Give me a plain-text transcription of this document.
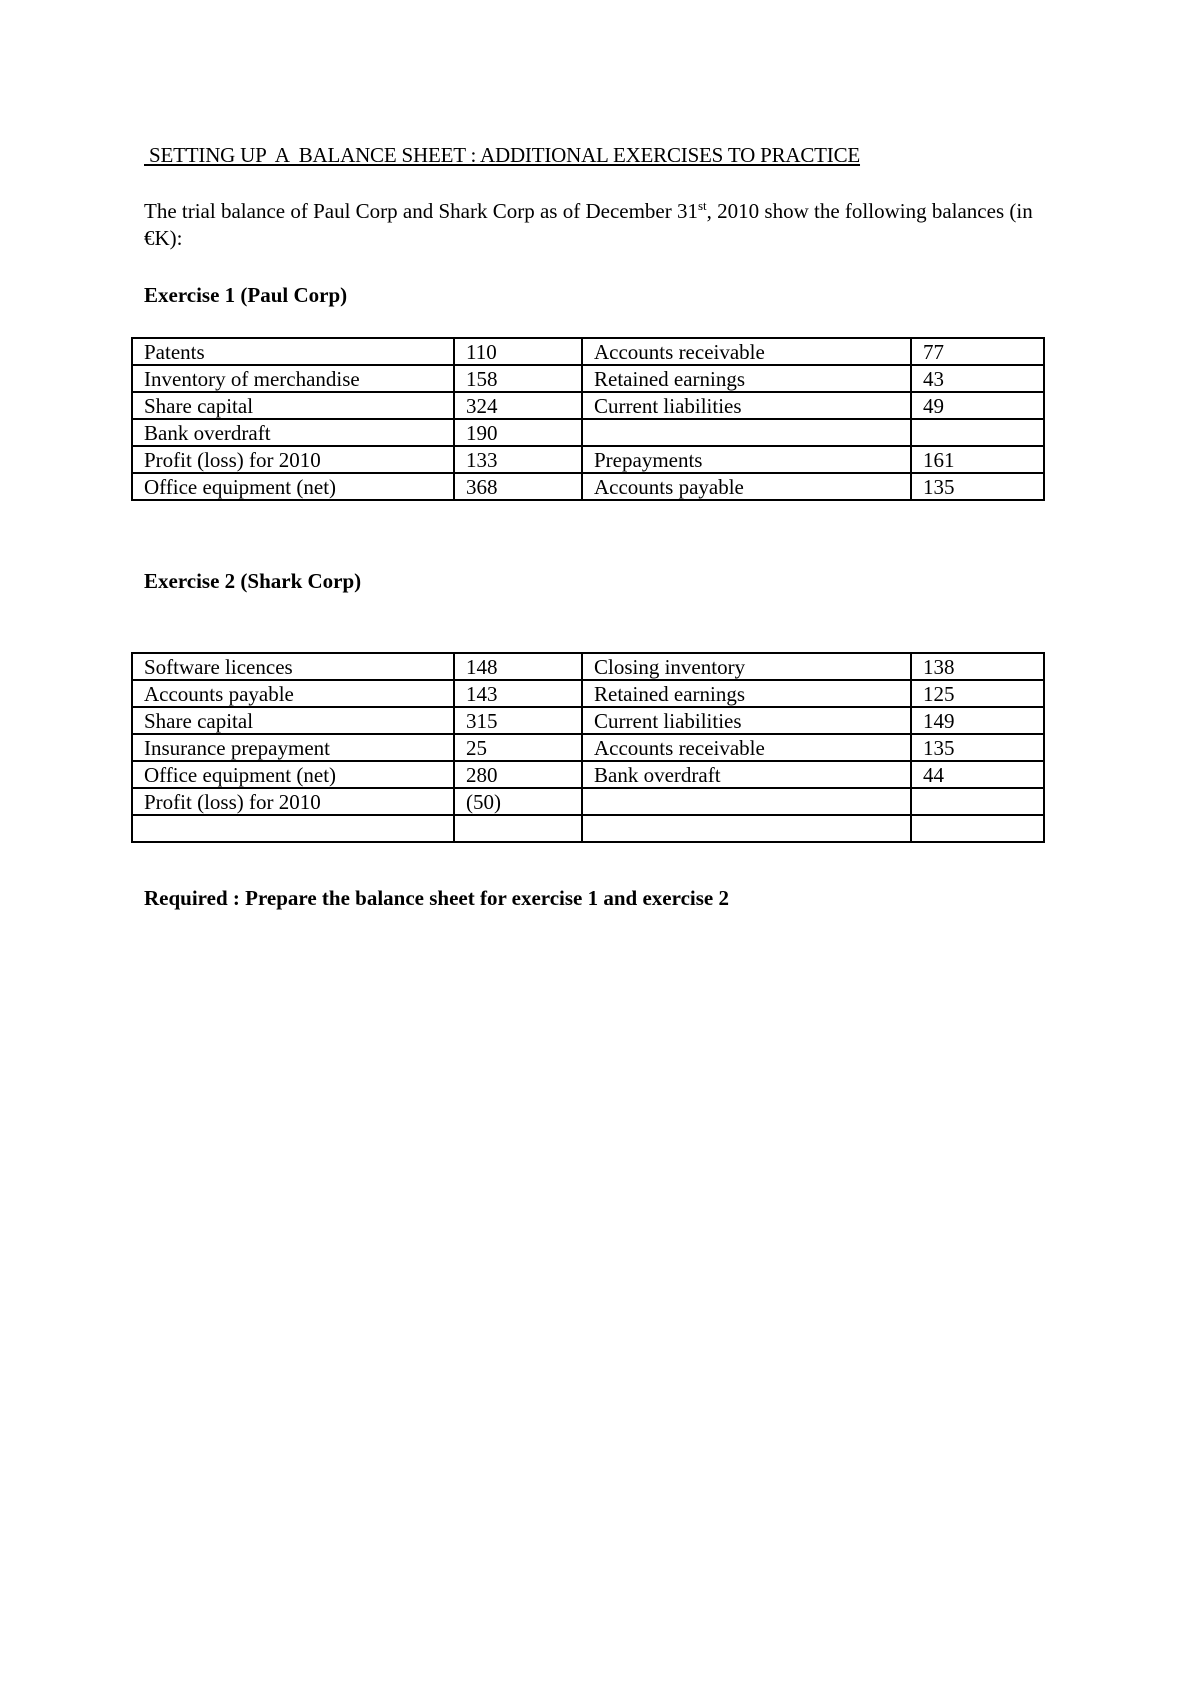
SETTING UP  A  BALANCE SHEET : ADDITIONAL EXERCISES TO PRACTICE
The trial balance of Paul Corp and Shark Corp as of December 31st, 2010 show the following balances (in €K):
Exercise 1 (Paul Corp)
Patents	110	Accounts receivable	77
Inventory of merchandise	158	Retained earnings	43
Share capital	324	Current liabilities	49
Bank overdraft	190		
Profit (loss) for 2010	133	Prepayments	161
Office equipment (net)	368	Accounts payable	135
Exercise 2 (Shark Corp)
Software licences	148	Closing inventory	138
Accounts payable	143	Retained earnings	125
Share capital	315	Current liabilities	149
Insurance prepayment	25	Accounts receivable	135
Office equipment (net)	280	Bank overdraft	44
Profit (loss) for 2010	(50)		

Required : Prepare the balance sheet for exercise 1 and exercise 2
